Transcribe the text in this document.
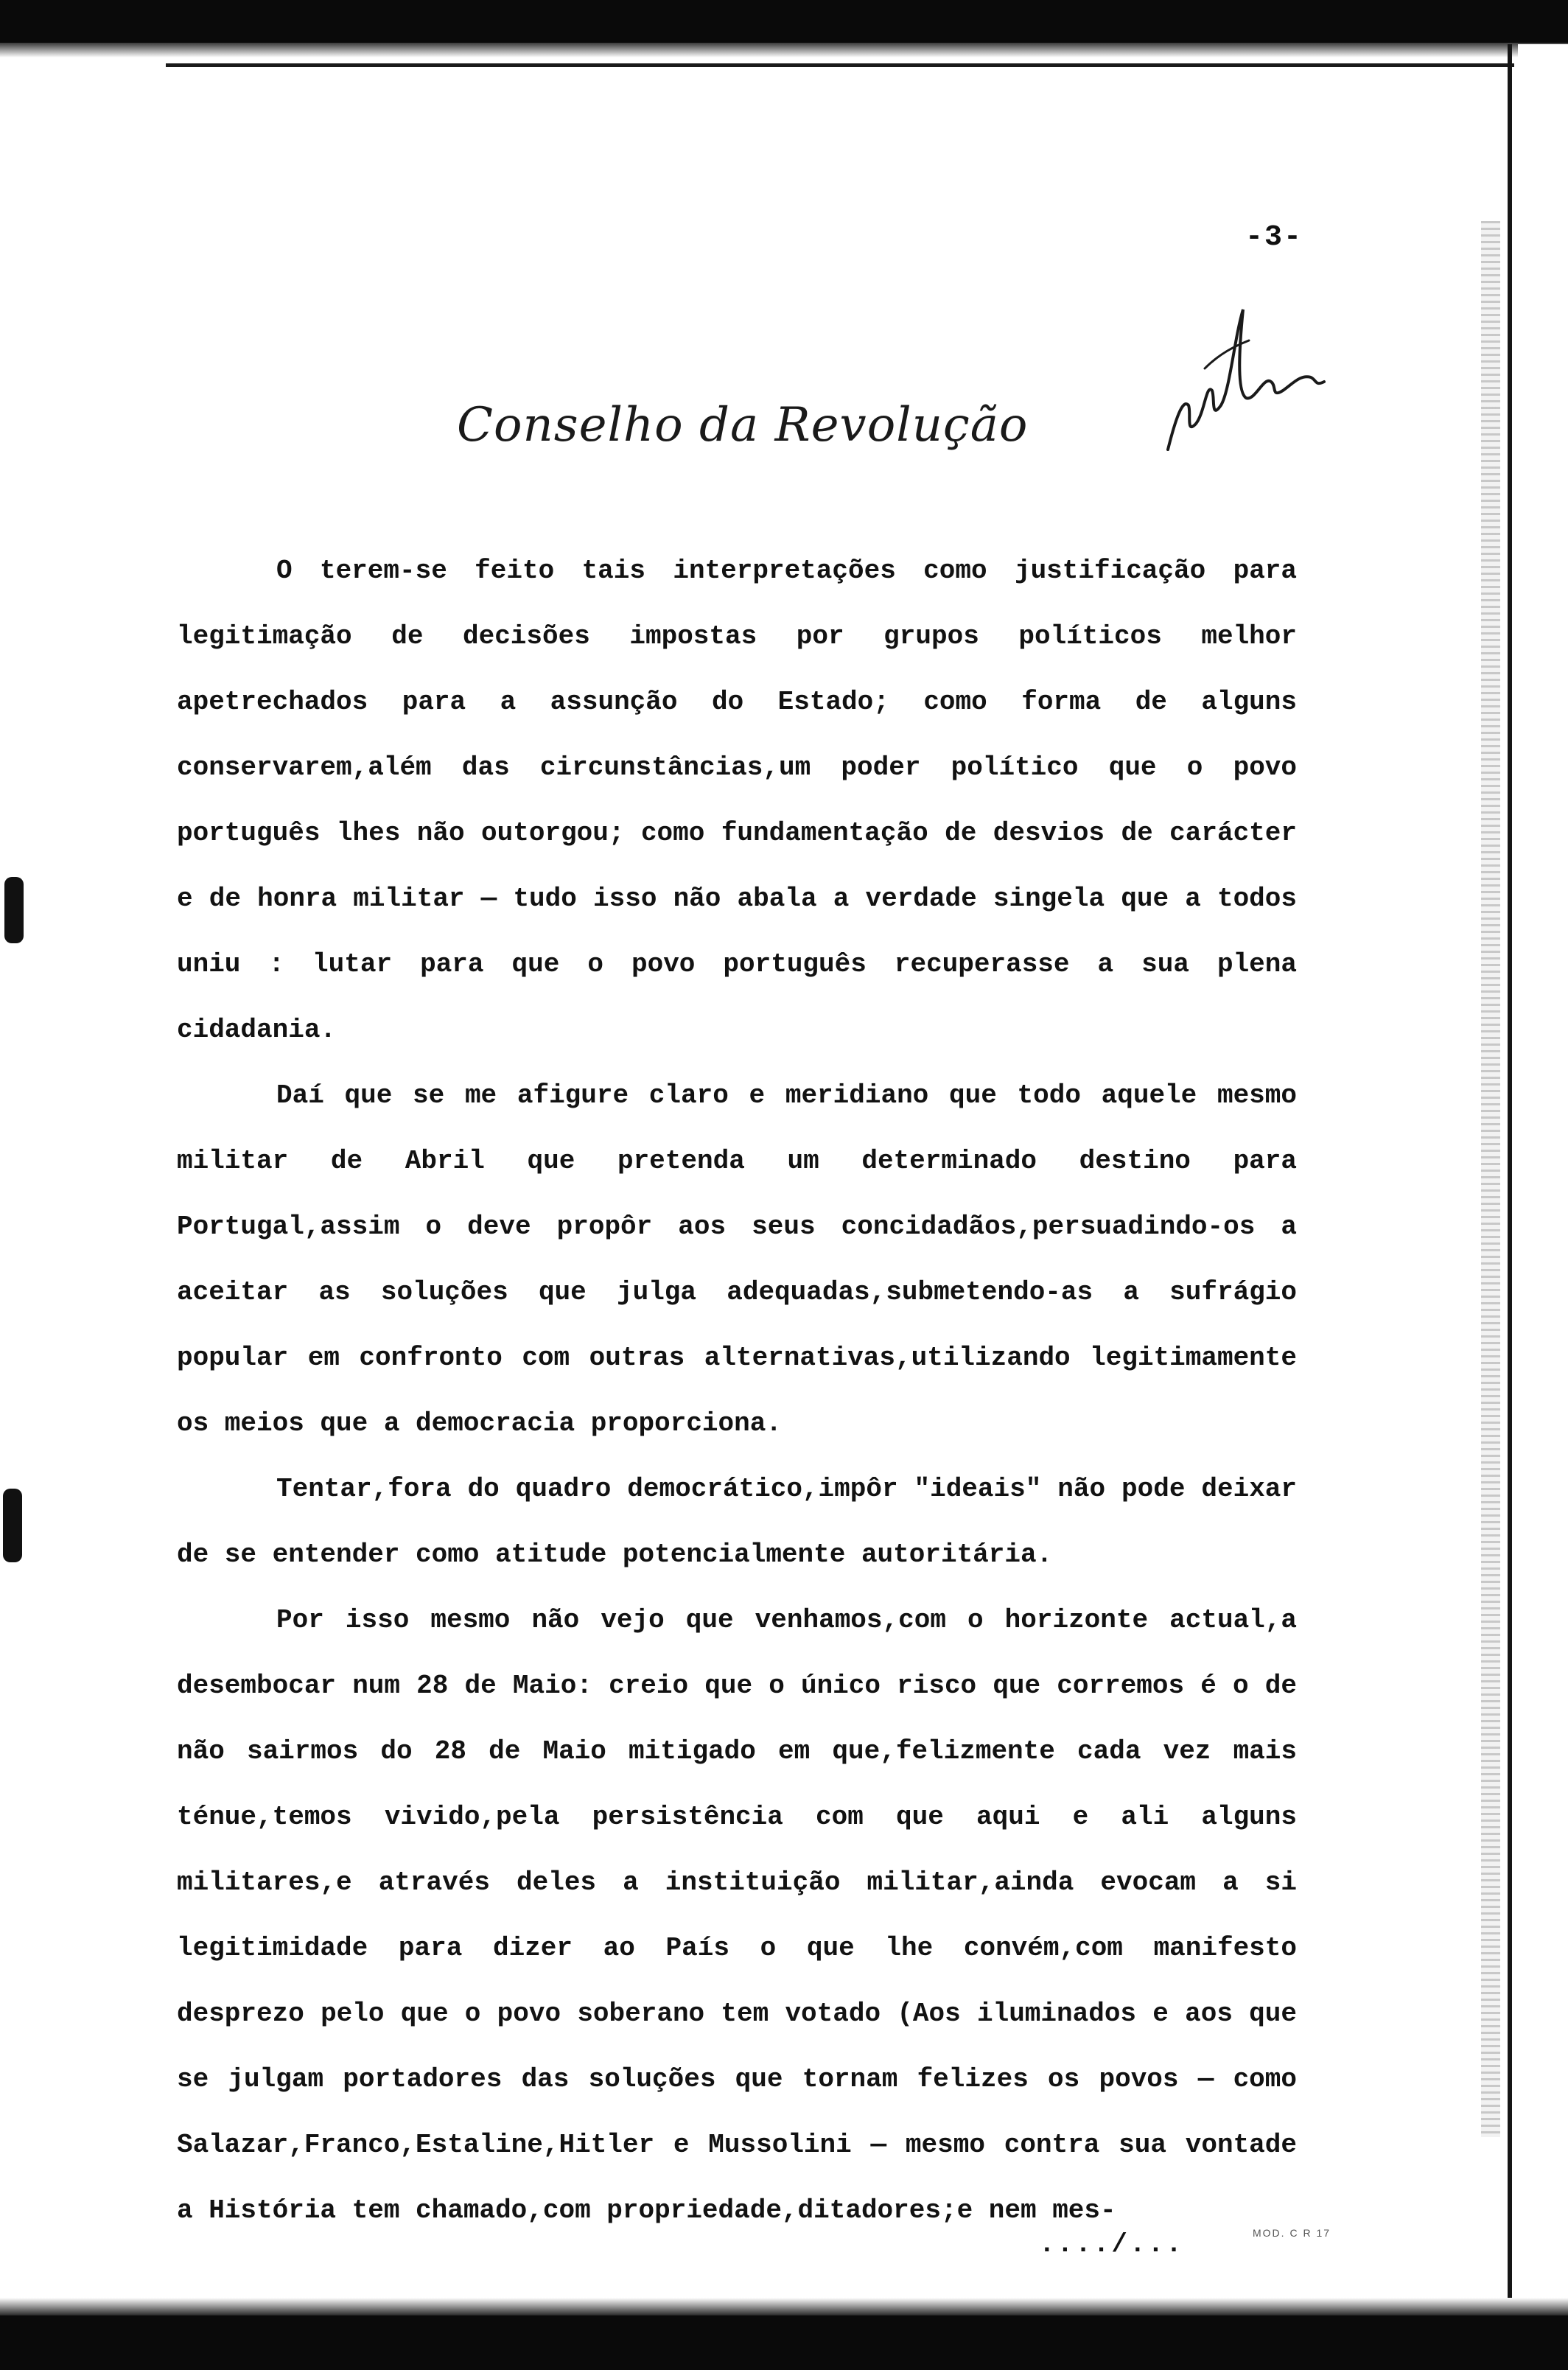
-3-
Conselho da Revolução

O terem-se feito tais interpretações como justificação para legitimação de decisões impostas por grupos políticos melhor apetrechados para a assunção do Estado; como forma de alguns conservarem,além das circunstâncias,um poder político que o povo português lhes não outorgou; como fundamentação de desvios de carácter e de honra militar — tudo isso não abala a verdade singela que a todos uniu : lutar para que o povo português recuperasse a sua plena cidadania.

Daí que se me afigure claro e meridiano que todo aquele mesmo militar de Abril que pretenda um determinado destino para Portugal,assim o deve propôr aos seus concidadãos,persuadindo-os a aceitar as soluções que julga adequadas,submetendo-as a sufrágio popular em confronto com outras alternativas,utilizando legitimamente os meios que a democracia proporciona.

Tentar,fora do quadro democrático,impôr "ideais" não pode deixar de se entender como atitude potencialmente autoritária.

Por isso mesmo não vejo que venhamos,com o horizonte actual,a desembocar num 28 de Maio: creio que o único risco que corremos é o de não sairmos do 28 de Maio mitigado em que,felizmente cada vez mais ténue,temos vivido,pela persistência com que aqui e ali alguns militares,e através deles a instituição militar,ainda evocam a si legitimidade para dizer ao País o que lhe convém,com manifesto desprezo pelo que o povo soberano tem votado (Aos iluminados e aos que se julgam portadores das soluções que tornam felizes os povos — como Salazar,Franco,Estaline,Hitler e Mussolini — mesmo contra sua vontade a História tem chamado,com propriedade,ditadores;e nem mes-

..../...	MOD. C R 17
